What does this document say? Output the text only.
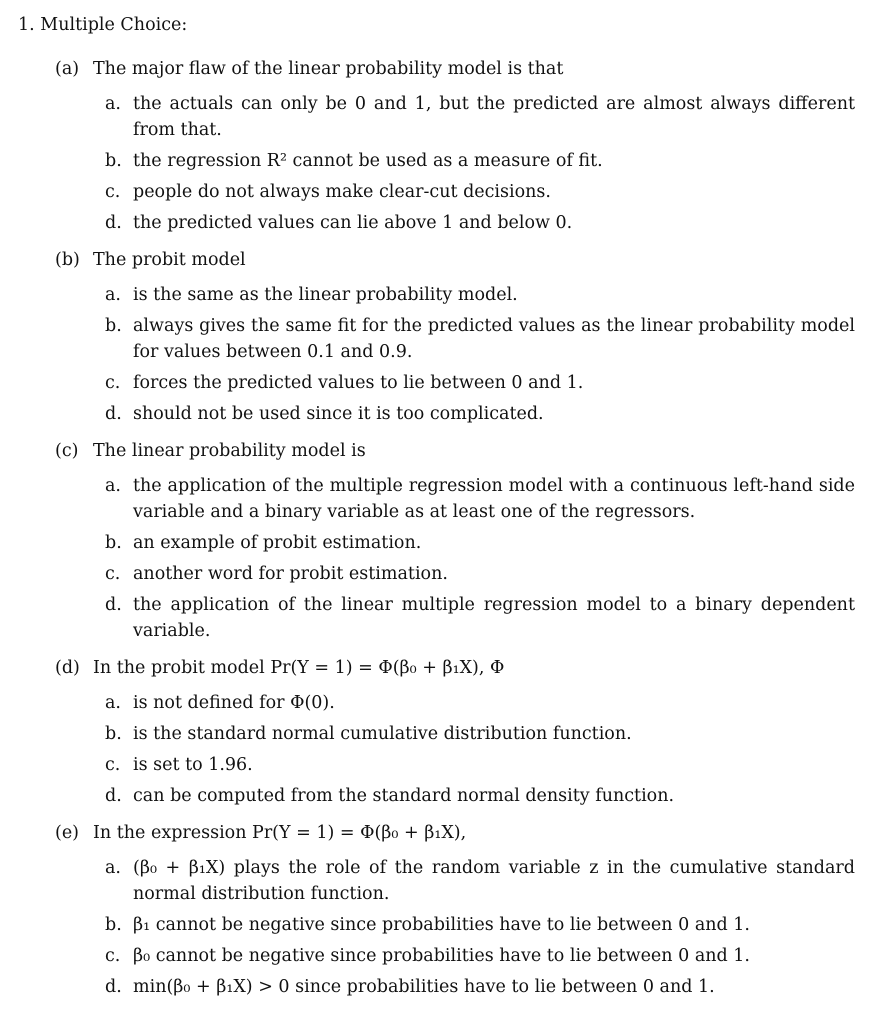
1. Multiple Choice:
(a) The major flaw of the linear probability model is that
a. the actuals can only be 0 and 1, but the predicted are almost always different from that.
b. the regression R² cannot be used as a measure of fit.
c. people do not always make clear-cut decisions.
d. the predicted values can lie above 1 and below 0.
(b) The probit model
a. is the same as the linear probability model.
b. always gives the same fit for the predicted values as the linear probability model for values between 0.1 and 0.9.
c. forces the predicted values to lie between 0 and 1.
d. should not be used since it is too complicated.
(c) The linear probability model is
a. the application of the multiple regression model with a continuous left-hand side variable and a binary variable as at least one of the regressors.
b. an example of probit estimation.
c. another word for probit estimation.
d. the application of the linear multiple regression model to a binary dependent variable.
(d) In the probit model Pr(Y = 1) = Φ(β₀ + β₁X), Φ
a. is not defined for Φ(0).
b. is the standard normal cumulative distribution function.
c. is set to 1.96.
d. can be computed from the standard normal density function.
(e) In the expression Pr(Y = 1) = Φ(β₀ + β₁X),
a. (β₀ + β₁X) plays the role of the random variable z in the cumulative standard normal distribution function.
b. β₁ cannot be negative since probabilities have to lie between 0 and 1.
c. β₀ cannot be negative since probabilities have to lie between 0 and 1.
d. min(β₀ + β₁X) > 0 since probabilities have to lie between 0 and 1.
